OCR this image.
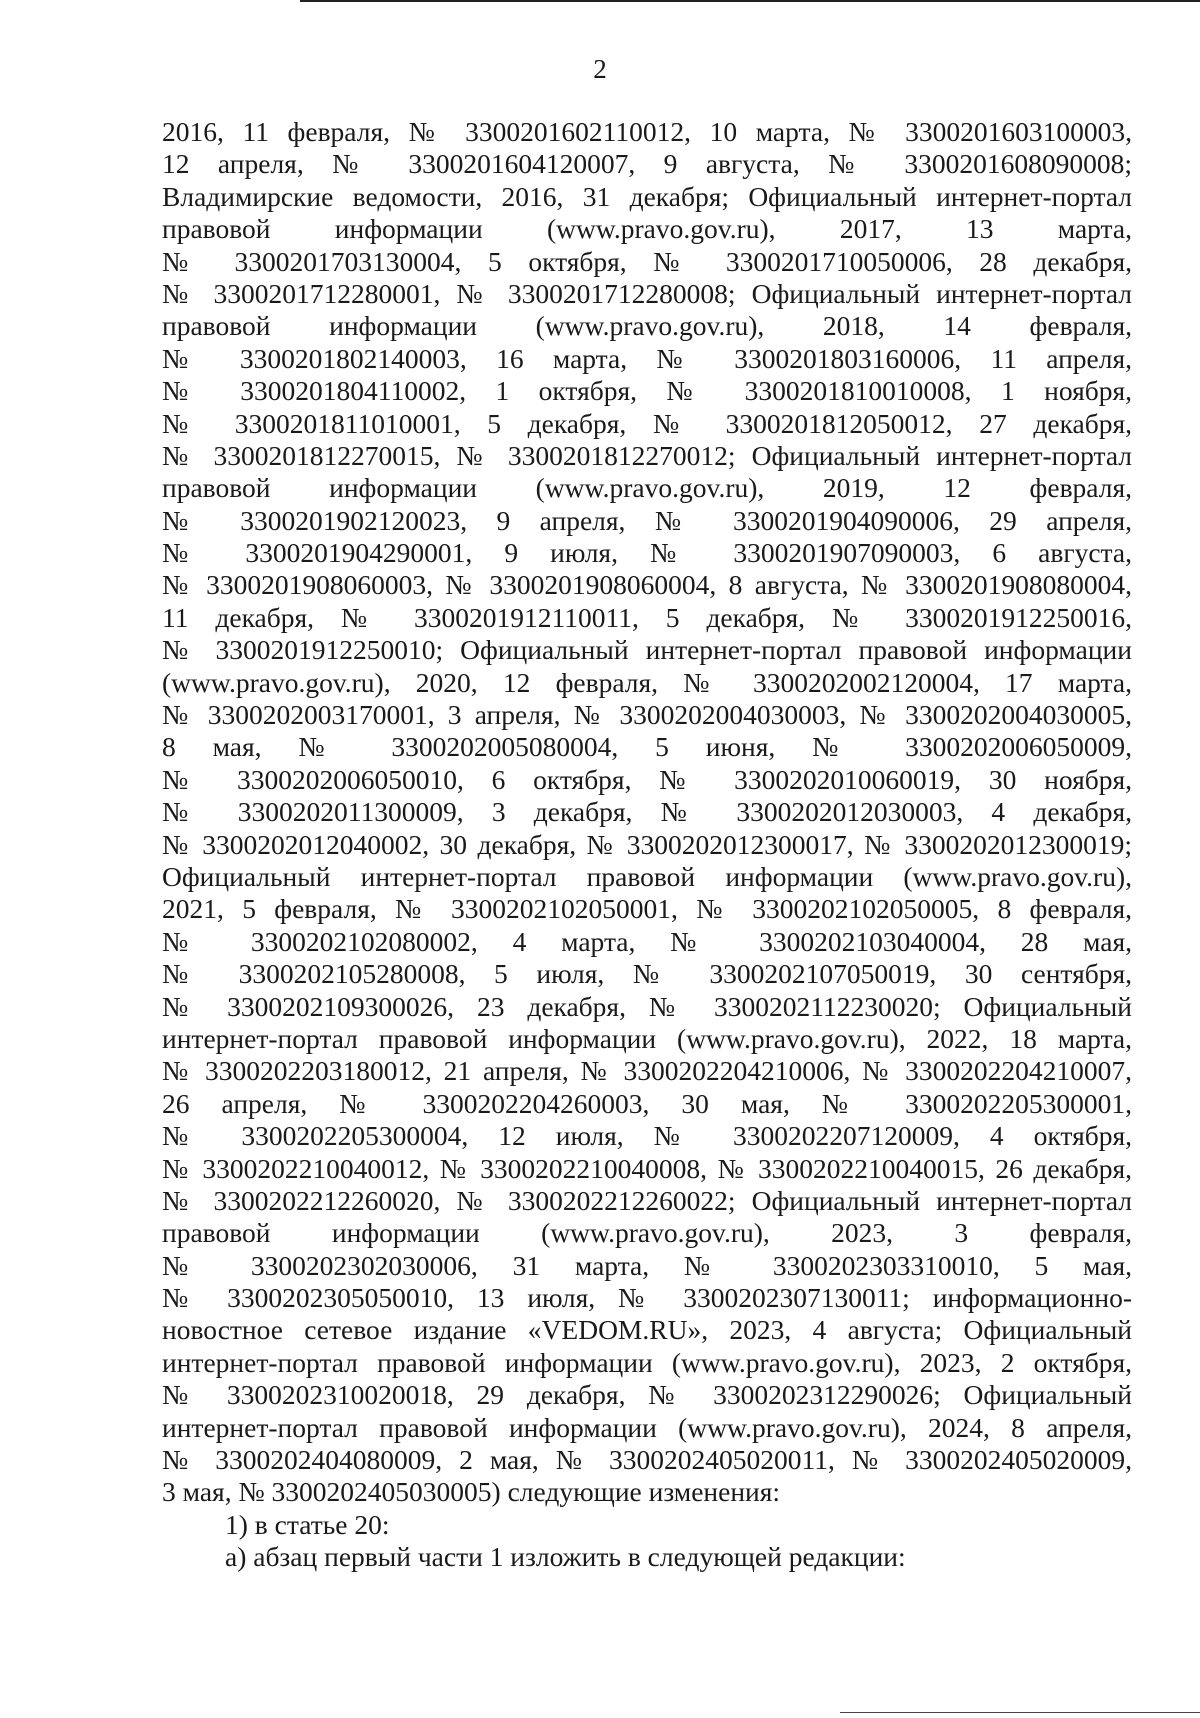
2
2016, 11 февраля, № 3300201602110012, 10 марта, № 3300201603100003,
12 апреля, № 3300201604120007, 9 августа, № 3300201608090008;
Владимирские ведомости, 2016, 31 декабря; Официальный интернет-портал
правовой информации (www.pravo.gov.ru), 2017, 13 марта,
№ 3300201703130004, 5 октября, № 3300201710050006, 28 декабря,
№ 3300201712280001, № 3300201712280008; Официальный интернет-портал
правовой информации (www.pravo.gov.ru), 2018, 14 февраля,
№ 3300201802140003, 16 марта, № 3300201803160006, 11 апреля,
№ 3300201804110002, 1 октября, № 3300201810010008, 1 ноября,
№ 3300201811010001, 5 декабря, № 3300201812050012, 27 декабря,
№ 3300201812270015, № 3300201812270012; Официальный интернет-портал
правовой информации (www.pravo.gov.ru), 2019, 12 февраля,
№ 3300201902120023, 9 апреля, № 3300201904090006, 29 апреля,
№ 3300201904290001, 9 июля, № 3300201907090003, 6 августа,
№ 3300201908060003, № 3300201908060004, 8 августа, № 3300201908080004,
11 декабря, № 3300201912110011, 5 декабря, № 3300201912250016,
№ 3300201912250010; Официальный интернет-портал правовой информации
(www.pravo.gov.ru), 2020, 12 февраля, № 3300202002120004, 17 марта,
№ 3300202003170001, 3 апреля, № 3300202004030003, № 3300202004030005,
8 мая, № 3300202005080004, 5 июня, № 3300202006050009,
№ 3300202006050010, 6 октября, № 3300202010060019, 30 ноября,
№ 3300202011300009, 3 декабря, № 3300202012030003, 4 декабря,
№ 3300202012040002, 30 декабря, № 3300202012300017, № 3300202012300019;
Официальный интернет-портал правовой информации (www.pravo.gov.ru),
2021, 5 февраля, № 3300202102050001, № 3300202102050005, 8 февраля,
№ 3300202102080002, 4 марта, № 3300202103040004, 28 мая,
№ 3300202105280008, 5 июля, № 3300202107050019, 30 сентября,
№ 3300202109300026, 23 декабря, № 3300202112230020; Официальный
интернет-портал правовой информации (www.pravo.gov.ru), 2022, 18 марта,
№ 3300202203180012, 21 апреля, № 3300202204210006, № 3300202204210007,
26 апреля, № 3300202204260003, 30 мая, № 3300202205300001,
№ 3300202205300004, 12 июля, № 3300202207120009, 4 октября,
№ 3300202210040012, № 3300202210040008, № 3300202210040015, 26 декабря,
№ 3300202212260020, № 3300202212260022; Официальный интернет-портал
правовой информации (www.pravo.gov.ru), 2023, 3 февраля,
№ 3300202302030006, 31 марта, № 3300202303310010, 5 мая,
№ 3300202305050010, 13 июля, № 3300202307130011; информационно-
новостное сетевое издание «VEDOM.RU», 2023, 4 августа; Официальный
интернет-портал правовой информации (www.pravo.gov.ru), 2023, 2 октября,
№ 3300202310020018, 29 декабря, № 3300202312290026; Официальный
интернет-портал правовой информации (www.pravo.gov.ru), 2024, 8 апреля,
№ 3300202404080009, 2 мая, № 3300202405020011, № 3300202405020009,
3 мая, № 3300202405030005) следующие изменения:
1) в статье 20:
а) абзац первый части 1 изложить в следующей редакции:
